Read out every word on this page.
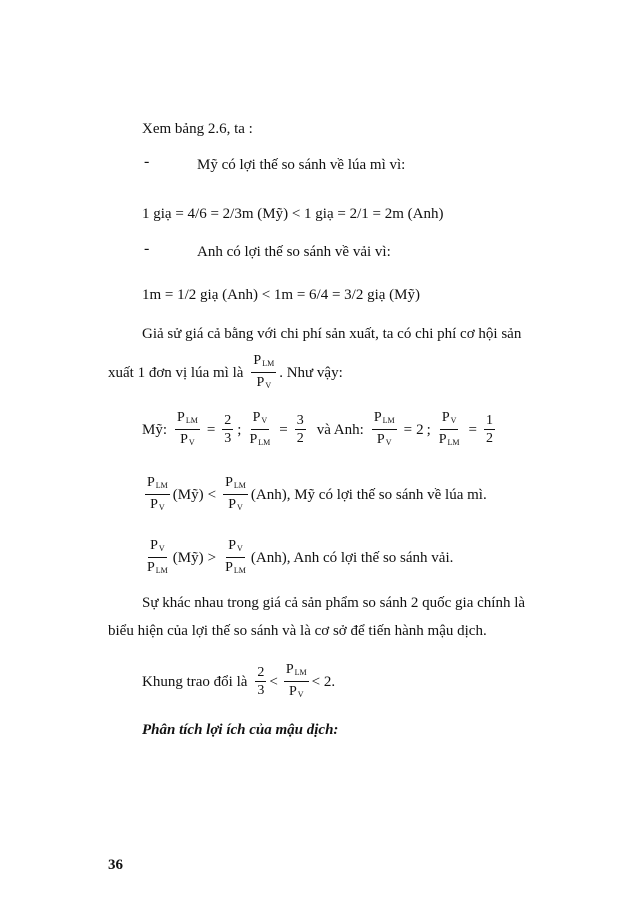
Xem bảng 2.6, ta :
-	Mỹ có lợi thế so sánh về lúa mì vì:
1 giạ = 4/6 = 2/3m (Mỹ) < 1 giạ = 2/1 = 2m (Anh)
-	Anh có lợi thế so sánh về vải vì:
1m = 1/2 giạ (Anh) < 1m = 6/4 = 3/2 giạ (Mỹ)
Giả sử giá cả bằng với chi phí sản xuất, ta có chi phí cơ hội sản
xuất 1 đơn vị lúa mì là $\frac{P_{LM}}{P_V}$ . Như vậy:
Mỹ: $\frac{P_{LM}}{P_V} = \frac{2}{3}$ ; $\frac{P_V}{P_{LM}} = \frac{3}{2}$ và Anh: $\frac{P_{LM}}{P_V} = 2$ ; $\frac{P_V}{P_{LM}} = \frac{1}{2}$
$\frac{P_{LM}}{P_V}$ (Mỹ) < $\frac{P_{LM}}{P_V} (Anh)$, Mỹ có lợi thế so sánh về lúa mì.
$\frac{P_V}{P_{LM}}$ (Mỹ) > $\frac{P_V}{P_{LM}} (Anh)$, Anh có lợi thế so sánh vải.
Sự khác nhau trong giá cả sản phẩm so sánh 2 quốc gia chính là
biểu hiện của lợi thế so sánh và là cơ sở để tiến hành mậu dịch.
Khung trao đổi là $\frac{2}{3} < \frac{P_{LM}}{P_V} < 2$.
Phân tích lợi ích của mậu dịch:
36
